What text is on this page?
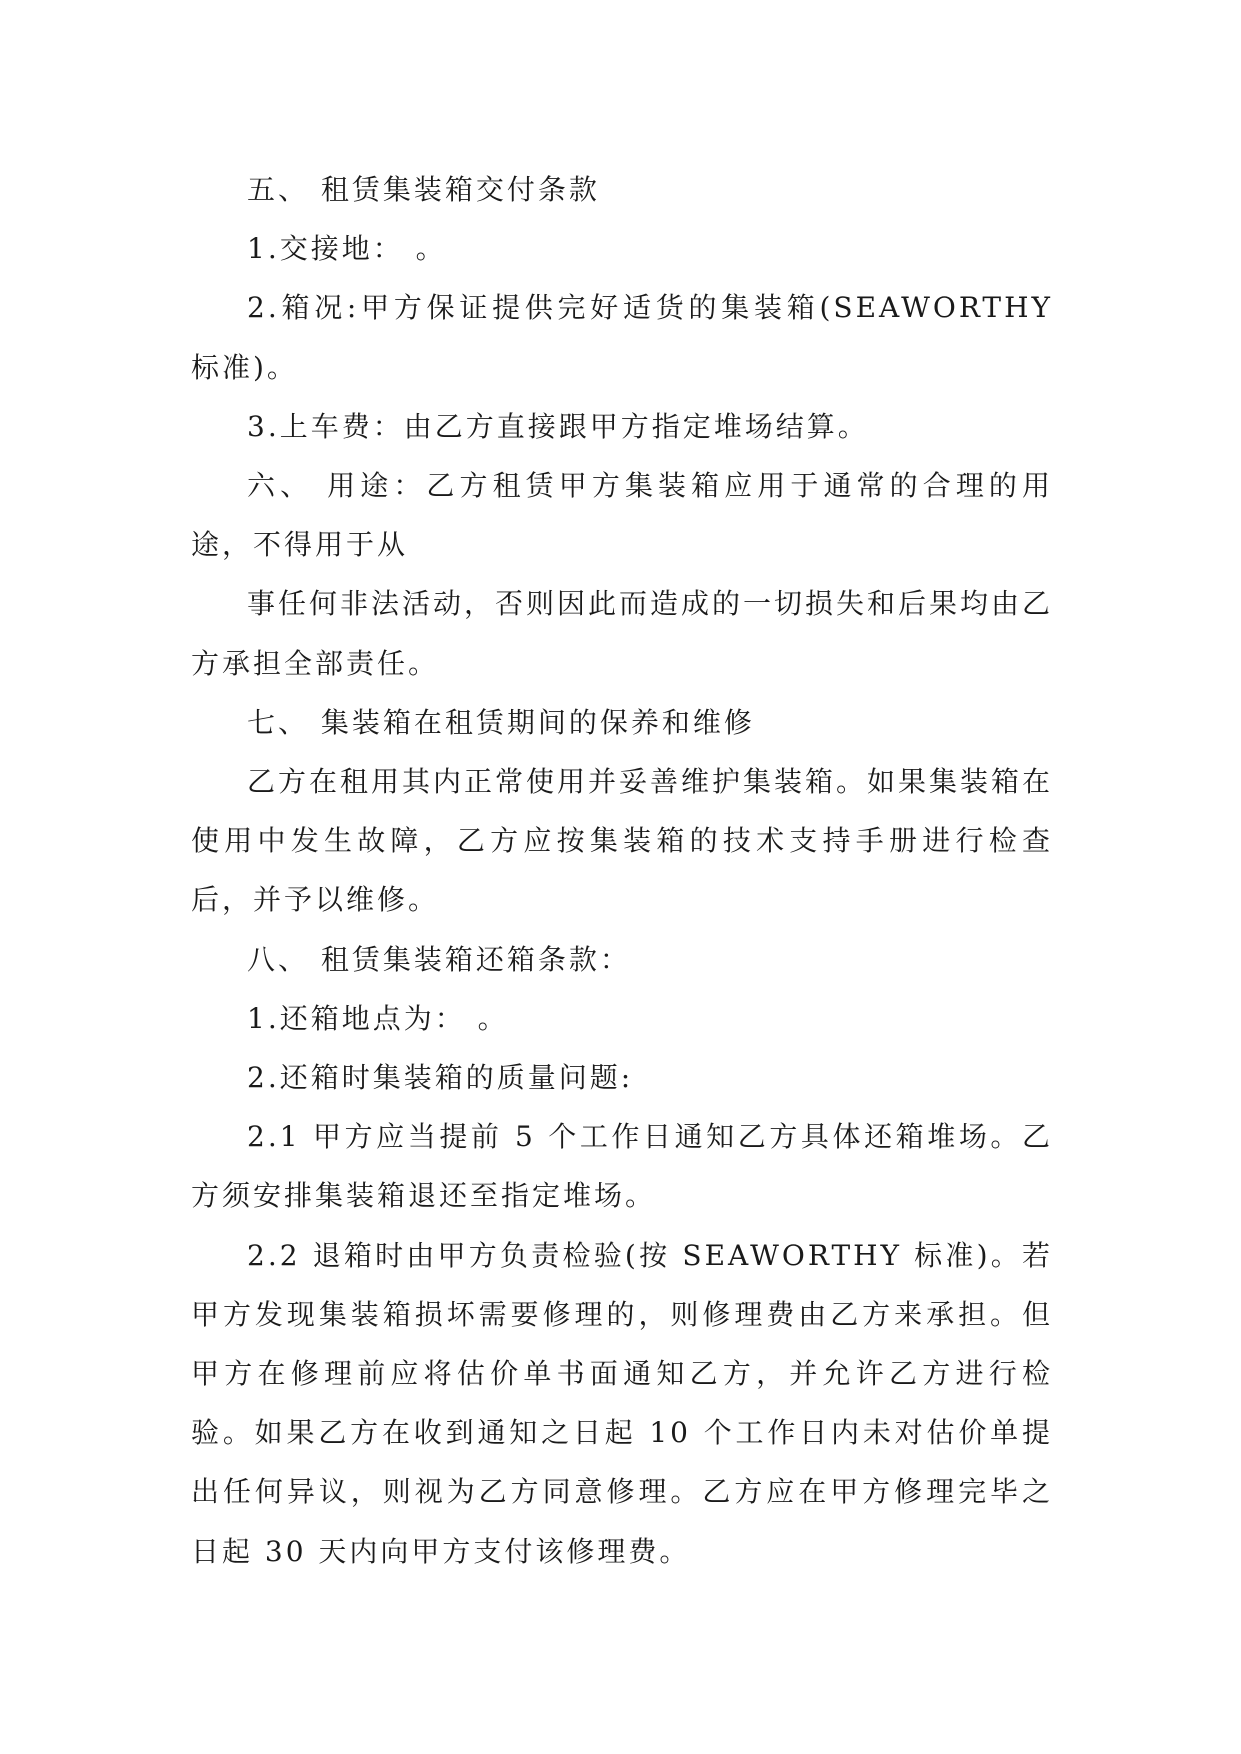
五、 租赁集装箱交付条款

1.交接地： 。

2.箱况:甲方保证提供完好适货的集装箱(SEAWORTHY 标准)。

3.上车费：由乙方直接跟甲方指定堆场结算。

六、 用途：乙方租赁甲方集装箱应用于通常的合理的用途，不得用于从

事任何非法活动，否则因此而造成的一切损失和后果均由乙方承担全部责任。

七、 集装箱在租赁期间的保养和维修

乙方在租用其内正常使用并妥善维护集装箱。如果集装箱在使用中发生故障，乙方应按集装箱的技术支持手册进行检查后，并予以维修。

八、 租赁集装箱还箱条款：

1.还箱地点为： 。

2.还箱时集装箱的质量问题:

2.1 甲方应当提前 5 个工作日通知乙方具体还箱堆场。乙方须安排集装箱退还至指定堆场。

2.2 退箱时由甲方负责检验(按 SEAWORTHY 标准)。若甲方发现集装箱损坏需要修理的，则修理费由乙方来承担。但甲方在修理前应将估价单书面通知乙方，并允许乙方进行检验。如果乙方在收到通知之日起 10 个工作日内未对估价单提出任何异议，则视为乙方同意修理。乙方应在甲方修理完毕之日起 30 天内向甲方支付该修理费。
